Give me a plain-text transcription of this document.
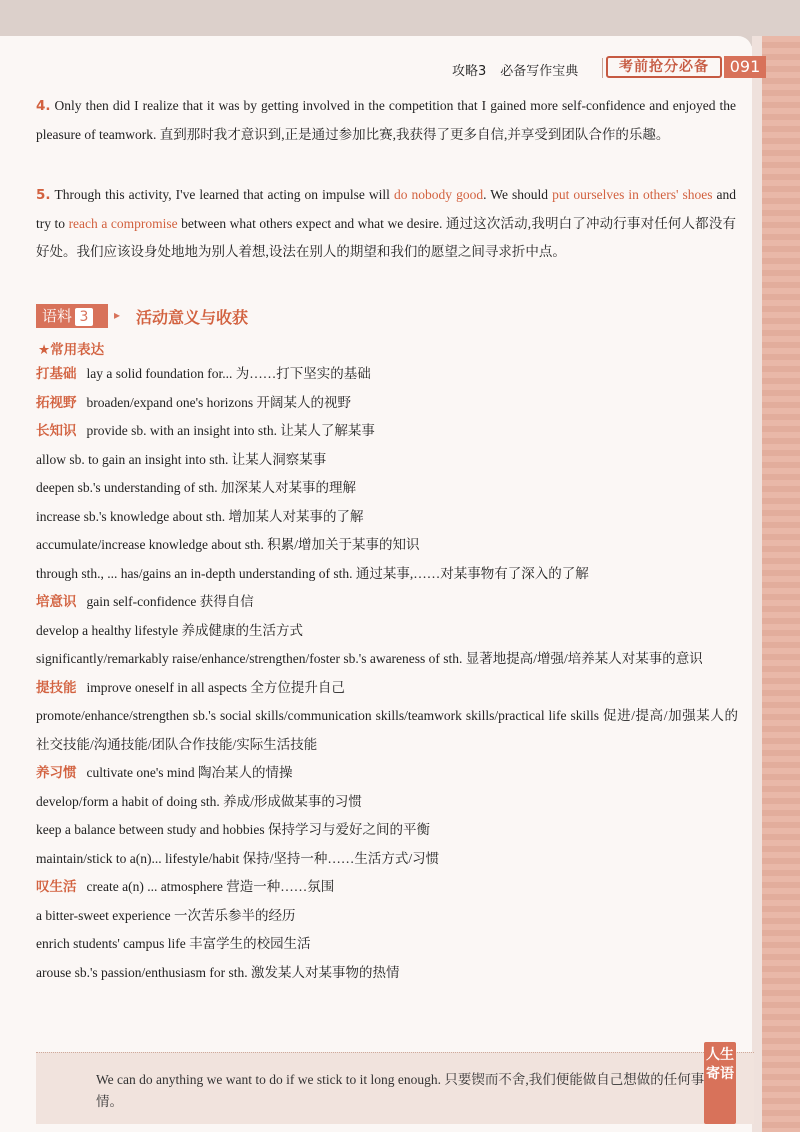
攻略3 必备写作宝典	考前抢分必备	091
4. Only then did I realize that it was by getting involved in the competition that I gained more self-confidence and enjoyed the pleasure of teamwork. 直到那时我才意识到,正是通过参加比赛,我获得了更多自信,并享受到团队合作的乐趣。
5. Through this activity, I've learned that acting on impulse will do nobody good. We should put ourselves in others' shoes and try to reach a compromise between what others expect and what we desire. 通过这次活动,我明白了冲动行事对任何人都没有好处。我们应该设身处地地为别人着想,设法在别人的期望和我们的愿望之间寻求折中点。
语料 3	▸ 活动意义与收获
★常用表达
打基础 lay a solid foundation for... 为……打下坚实的基础
拓视野 broaden/expand one's horizons 开阔某人的视野
长知识 provide sb. with an insight into sth. 让某人了解某事
allow sb. to gain an insight into sth. 让某人洞察某事
deepen sb.'s understanding of sth. 加深某人对某事的理解
increase sb.'s knowledge about sth. 增加某人对某事的了解
accumulate/increase knowledge about sth. 积累/增加关于某事的知识
through sth., ... has/gains an in-depth understanding of sth. 通过某事,……对某事物有了深入的了解
培意识 gain self-confidence 获得自信
develop a healthy lifestyle 养成健康的生活方式
significantly/remarkably raise/enhance/strengthen/foster sb.'s awareness of sth. 显著地提高/增强/培养某人对某事的意识
提技能 improve oneself in all aspects 全方位提升自己
promote/enhance/strengthen sb.'s social skills/communication skills/teamwork skills/practical life skills 促进/提高/加强某人的社交技能/沟通技能/团队合作技能/实际生活技能
养习惯 cultivate one's mind 陶冶某人的情操
develop/form a habit of doing sth. 养成/形成做某事的习惯
keep a balance between study and hobbies 保持学习与爱好之间的平衡
maintain/stick to a(n)... lifestyle/habit 保持/坚持一种……生活方式/习惯
叹生活 create a(n) ... atmosphere 营造一种……氛围
a bitter-sweet experience 一次苦乐参半的经历
enrich students' campus life 丰富学生的校园生活
arouse sb.'s passion/enthusiasm for sth. 激发某人对某事物的热情
We can do anything we want to do if we stick to it long enough. 只要锲而不舍,我们便能做自己想做的任何事情。
人生寄语
